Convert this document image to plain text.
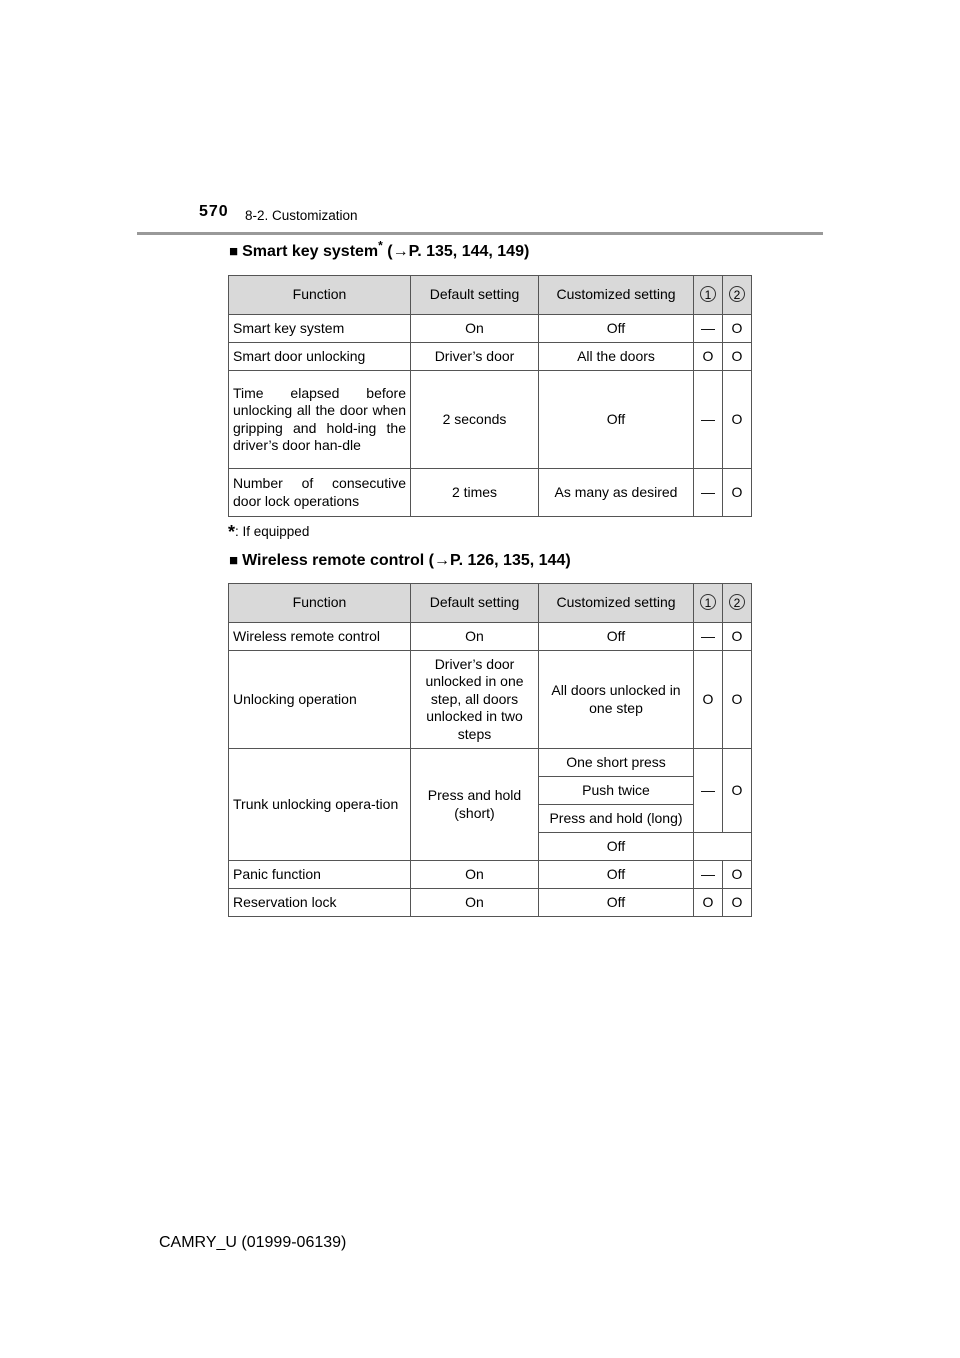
570 8-2. Customization
■ Smart key system* (→P. 135, 144, 149)
Function	Default setting	Customized setting	1	2
Smart key system	On	Off	—	O
Smart door unlocking	Driver’s door	All the doors	O	O
Time elapsed before unlocking all the door when gripping and hold-ing the driver’s door han-dle	2 seconds	Off	—	O
Number of consecutive door lock operations	2 times	As many as desired	—	O
*: If equipped
■ Wireless remote control (→P. 126, 135, 144)
Function	Default setting	Customized setting	1	2
Wireless remote control	On	Off	—	O
Unlocking operation	Driver’s door unlocked in one step, all doors unlocked in two steps	All doors unlocked in one step	O	O
Trunk unlocking opera-tion	Press and hold (short)	One short press	—	O
		Push twice		
		Press and hold (long)		
		Off		
Panic function	On	Off	—	O
Reservation lock	On	Off	O	O
CAMRY_U (01999-06139)
